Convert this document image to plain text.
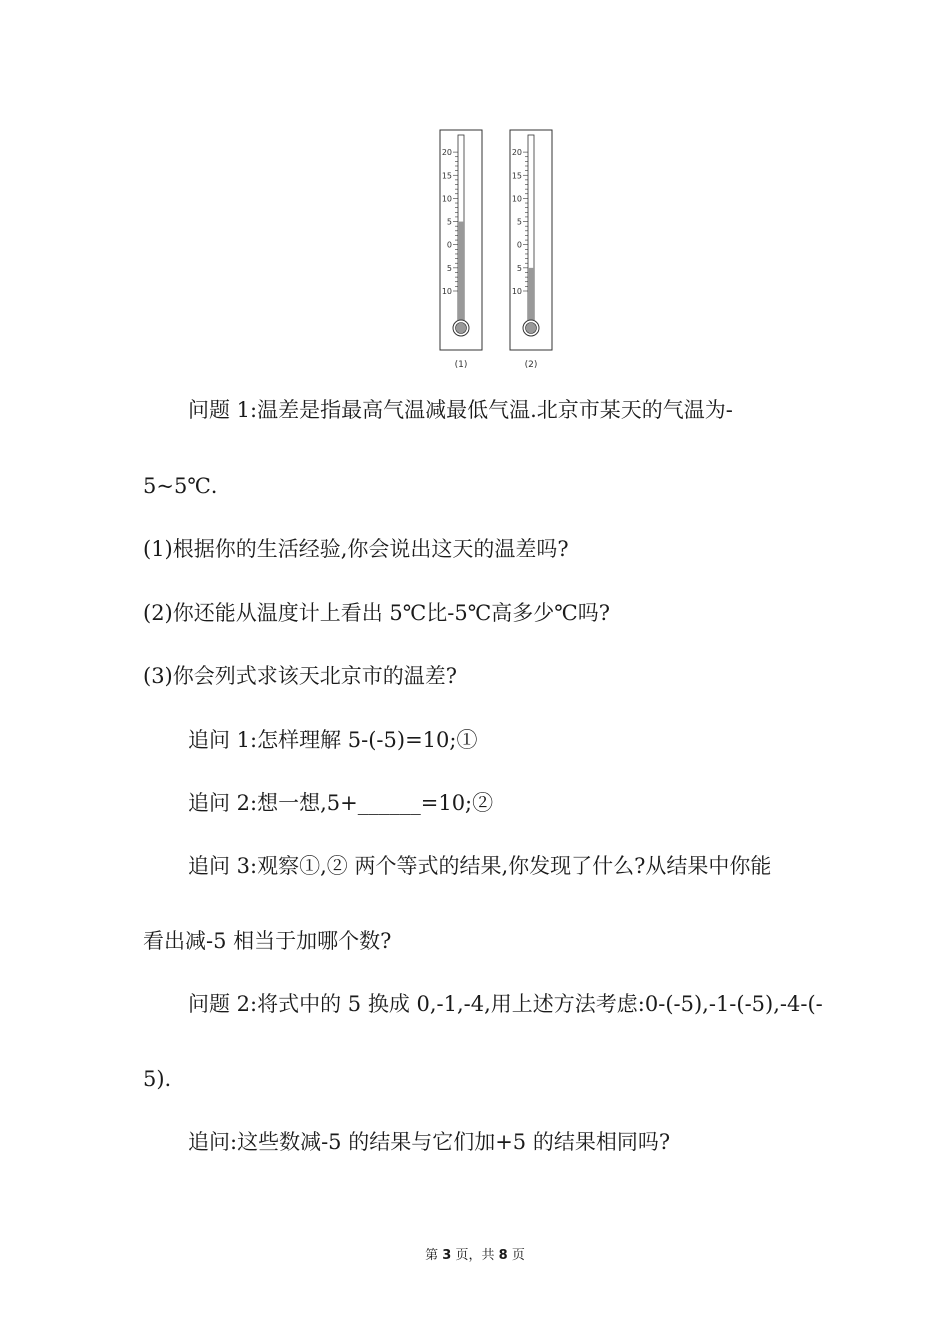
20
15
10
5
0
5
10
(1)
20
15
10
5
0
5
10
(2)
问题 1:温差是指最高气温减最低气温.北京市某天的气温为-
5~5℃.
(1)根据你的生活经验,你会说出这天的温差吗?
(2)你还能从温度计上看出 5℃比-5℃高多少℃吗?
(3)你会列式求该天北京市的温差?
追问 1:怎样理解 5-(-5)=10;①
追问 2:想一想,5+______=10;②
追问 3:观察①,② 两个等式的结果,你发现了什么?从结果中你能
看出减-5 相当于加哪个数?
问题 2:将式中的 5 换成 0,-1,-4,用上述方法考虑:0-(-5),-1-(-5),-4-(-
5).
追问:这些数减-5 的结果与它们加+5 的结果相同吗?
第 3 页，共 8 页
